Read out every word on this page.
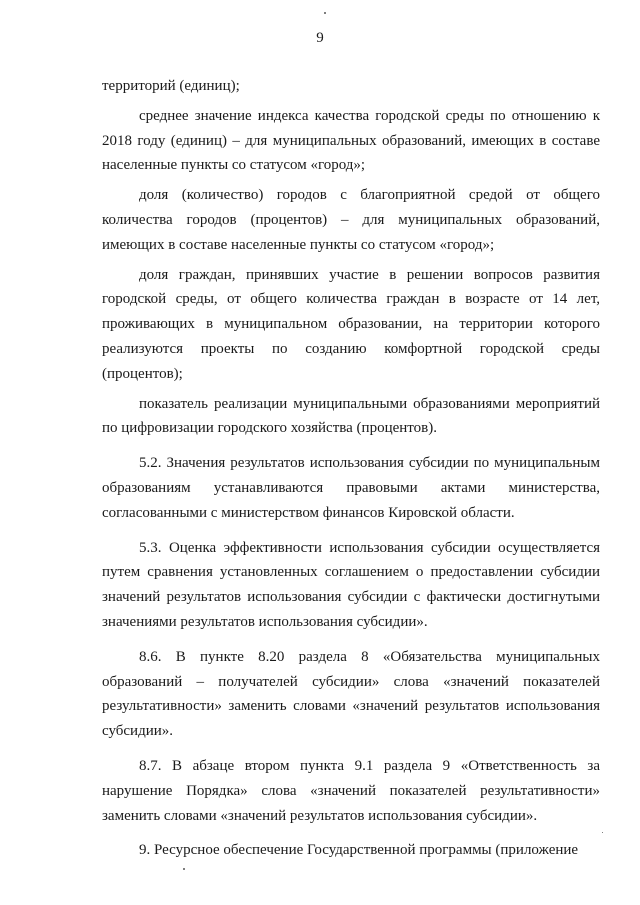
9

территорий (единиц);

среднее значение индекса качества городской среды по отношению к 2018 году (единиц) – для муниципальных образований, имеющих в составе населенные пункты со статусом «город»;

доля (количество) городов с благоприятной средой от общего количества городов (процентов) – для муниципальных образований, имеющих в составе населенные пункты со статусом «город»;

доля граждан, принявших участие в решении вопросов развития городской среды, от общего количества граждан в возрасте от 14 лет, проживающих в муниципальном образовании, на территории которого реализуются проекты по созданию комфортной городской среды (процентов);

показатель реализации муниципальными образованиями мероприятий по цифровизации городского хозяйства (процентов).

5.2. Значения результатов использования субсидии по муниципальным образованиям устанавливаются правовыми актами министерства, согласованными с министерством финансов Кировской области.

5.3. Оценка эффективности использования субсидии осуществляется путем сравнения установленных соглашением о предоставлении субсидии значений результатов использования субсидии с фактически достигнутыми значениями результатов использования субсидии».

8.6. В пункте 8.20 раздела 8 «Обязательства муниципальных образований – получателей субсидии» слова «значений показателей результативности» заменить словами «значений результатов использования субсидии».

8.7. В абзаце втором пункта 9.1 раздела 9 «Ответственность за нарушение Порядка» слова «значений показателей результативности» заменить словами «значений результатов использования субсидии».

9. Ресурсное обеспечение Государственной программы (приложение
